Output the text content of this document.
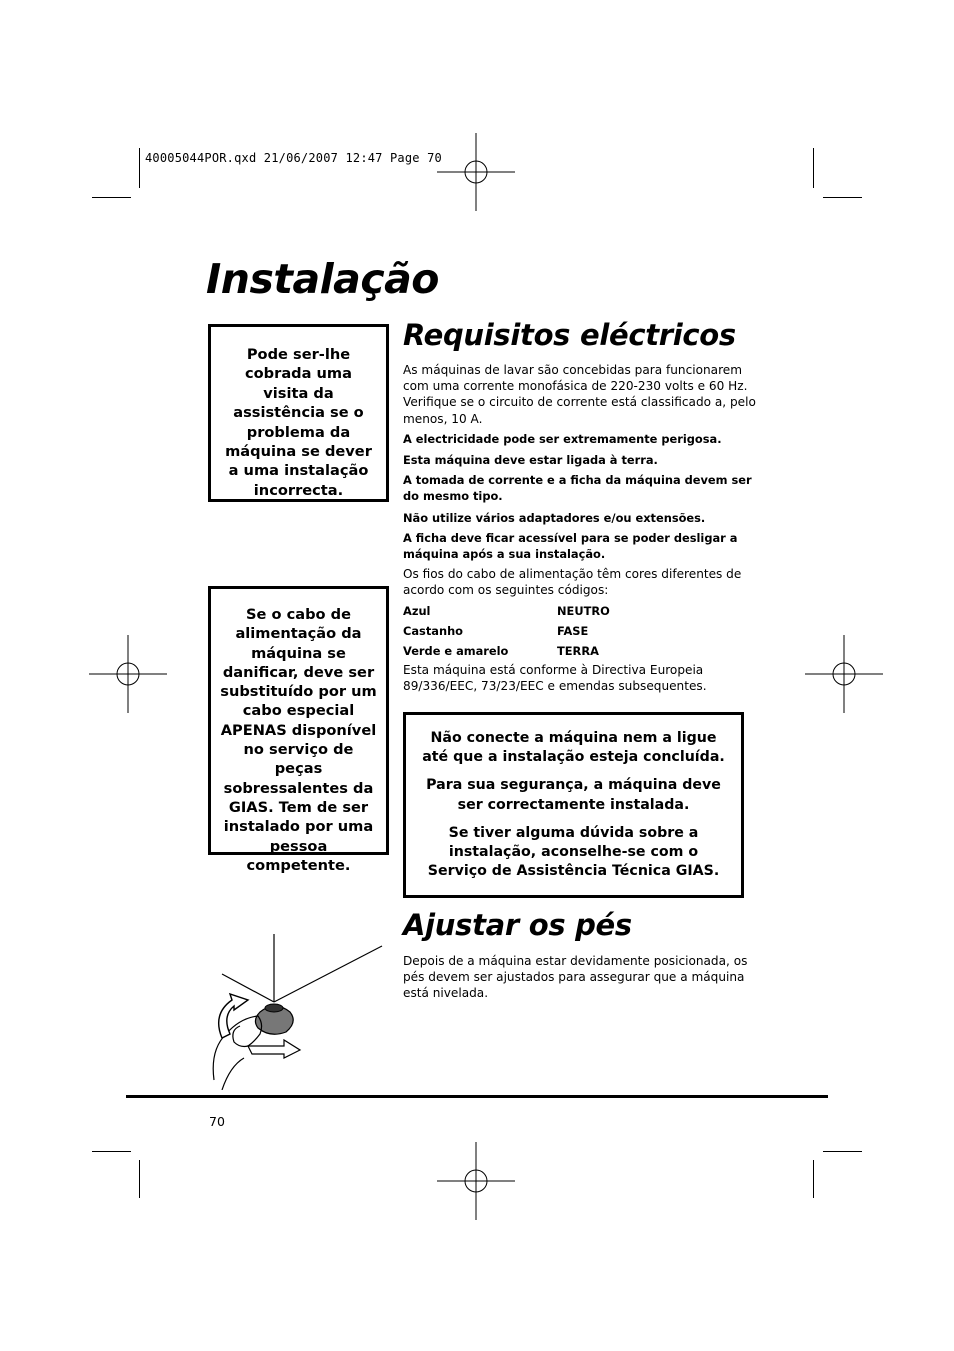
40005044POR.qxd 21/06/2007 12:47 Page 70
Instalação
Pode ser-lhe cobrada uma visita da assistência se o problema da máquina se dever a uma instalação incorrecta.
Se o cabo de alimentação da máquina se danificar, deve ser substituído por um cabo especial APENAS disponível no serviço de peças sobressalentes da GIAS. Tem de ser instalado por uma pessoa competente.
Requisitos eléctricos

As máquinas de lavar são concebidas para funcionarem com uma corrente monofásica de 220-230 volts e 60 Hz. Verifique se o circuito de corrente está classificado a, pelo menos, 10 A.

A electricidade pode ser extremamente perigosa.

Esta máquina deve estar ligada à terra.

A tomada de corrente e a ficha da máquina devem ser do mesmo tipo.

Não utilize vários adaptadores e/ou extensões.

A ficha deve ficar acessível para se poder desligar a máquina após a sua instalação.

Os fios do cabo de alimentação têm cores diferentes de acordo com os seguintes códigos:

Azul	NEUTRO
Castanho	FASE
Verde e amarelo	TERRA

Esta máquina está conforme à Directiva Europeia 89/336/EEC, 73/23/EEC e emendas subsequentes.

Não conecte a máquina nem a ligue até que a instalação esteja concluída.

Para sua segurança, a máquina deve ser correctamente instalada.

Se tiver alguma dúvida sobre a instalação, aconselhe-se com o Serviço de Assistência Técnica GIAS.

Ajustar os pés
Depois de a máquina estar devidamente posicionada, os pés devem ser ajustados para assegurar que a máquina está nivelada.
70
